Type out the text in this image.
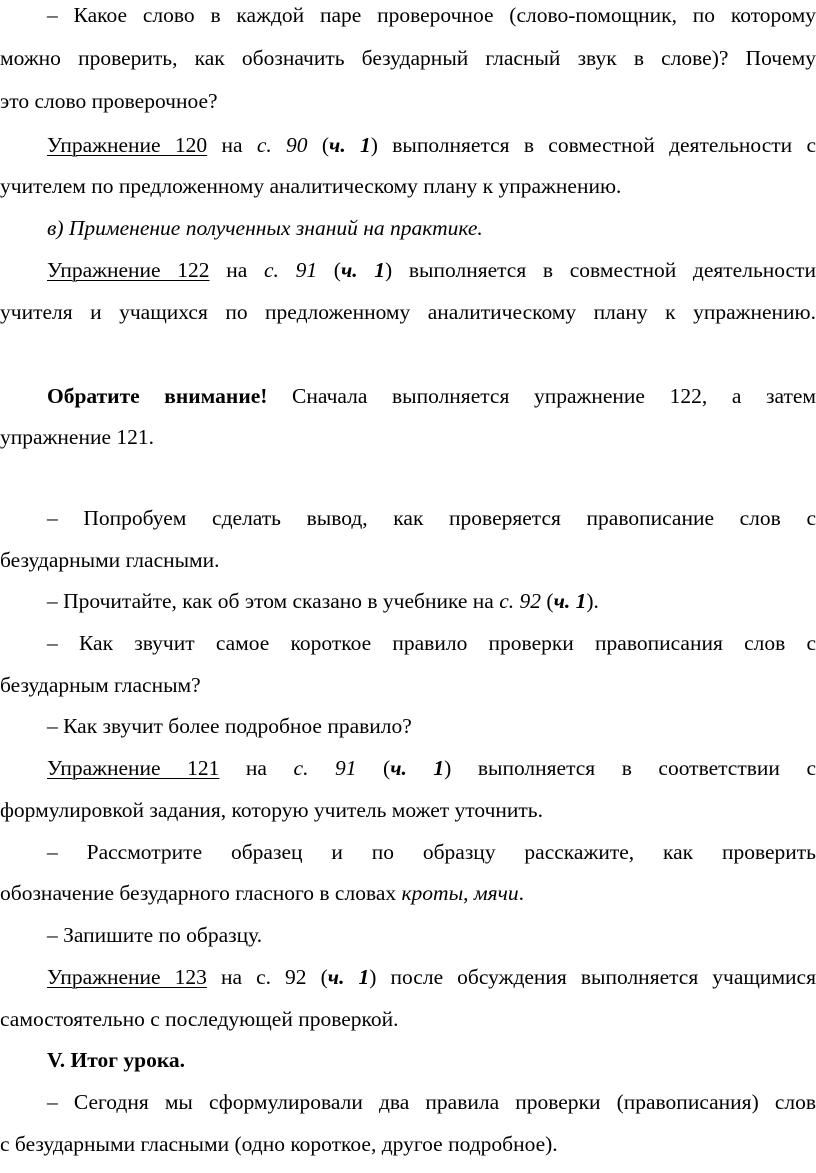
– Какое слово в каждой паре проверочное (слово-помощник, по которому
можно проверить, как обозначить безударный гласный звук в слове)? Почему
это слово проверочное?
Упражнение 120 на с. 90 (ч. 1) выполняется в совместной деятельности с
учителем по предложенному аналитическому плану к упражнению.
в) Применение полученных знаний на практике.
Упражнение 122 на с. 91 (ч. 1) выполняется в совместной деятельности
учителя и учащихся по предложенному аналитическому плану к упражнению.
Обратите внимание! Сначала выполняется упражнение 122, а затем
упражнение 121.
– Попробуем сделать вывод, как проверяется правописание слов с
безударными гласными.
– Прочитайте, как об этом сказано в учебнике на с. 92 (ч. 1).
– Как звучит самое короткое правило проверки правописания слов с
безударным гласным?
– Как звучит более подробное правило?
Упражнение 121 на с. 91 (ч. 1) выполняется в соответствии с
формулировкой задания, которую учитель может уточнить.
– Рассмотрите образец и по образцу расскажите, как проверить
обозначение безударного гласного в словах кроты, мячи.
– Запишите по образцу.
Упражнение 123 на с. 92 (ч. 1) после обсуждения выполняется учащимися
самостоятельно с последующей проверкой.
V. Итог урока.
– Сегодня мы сформулировали два правила проверки (правописания) слов
с безударными гласными (одно короткое, другое подробное).
